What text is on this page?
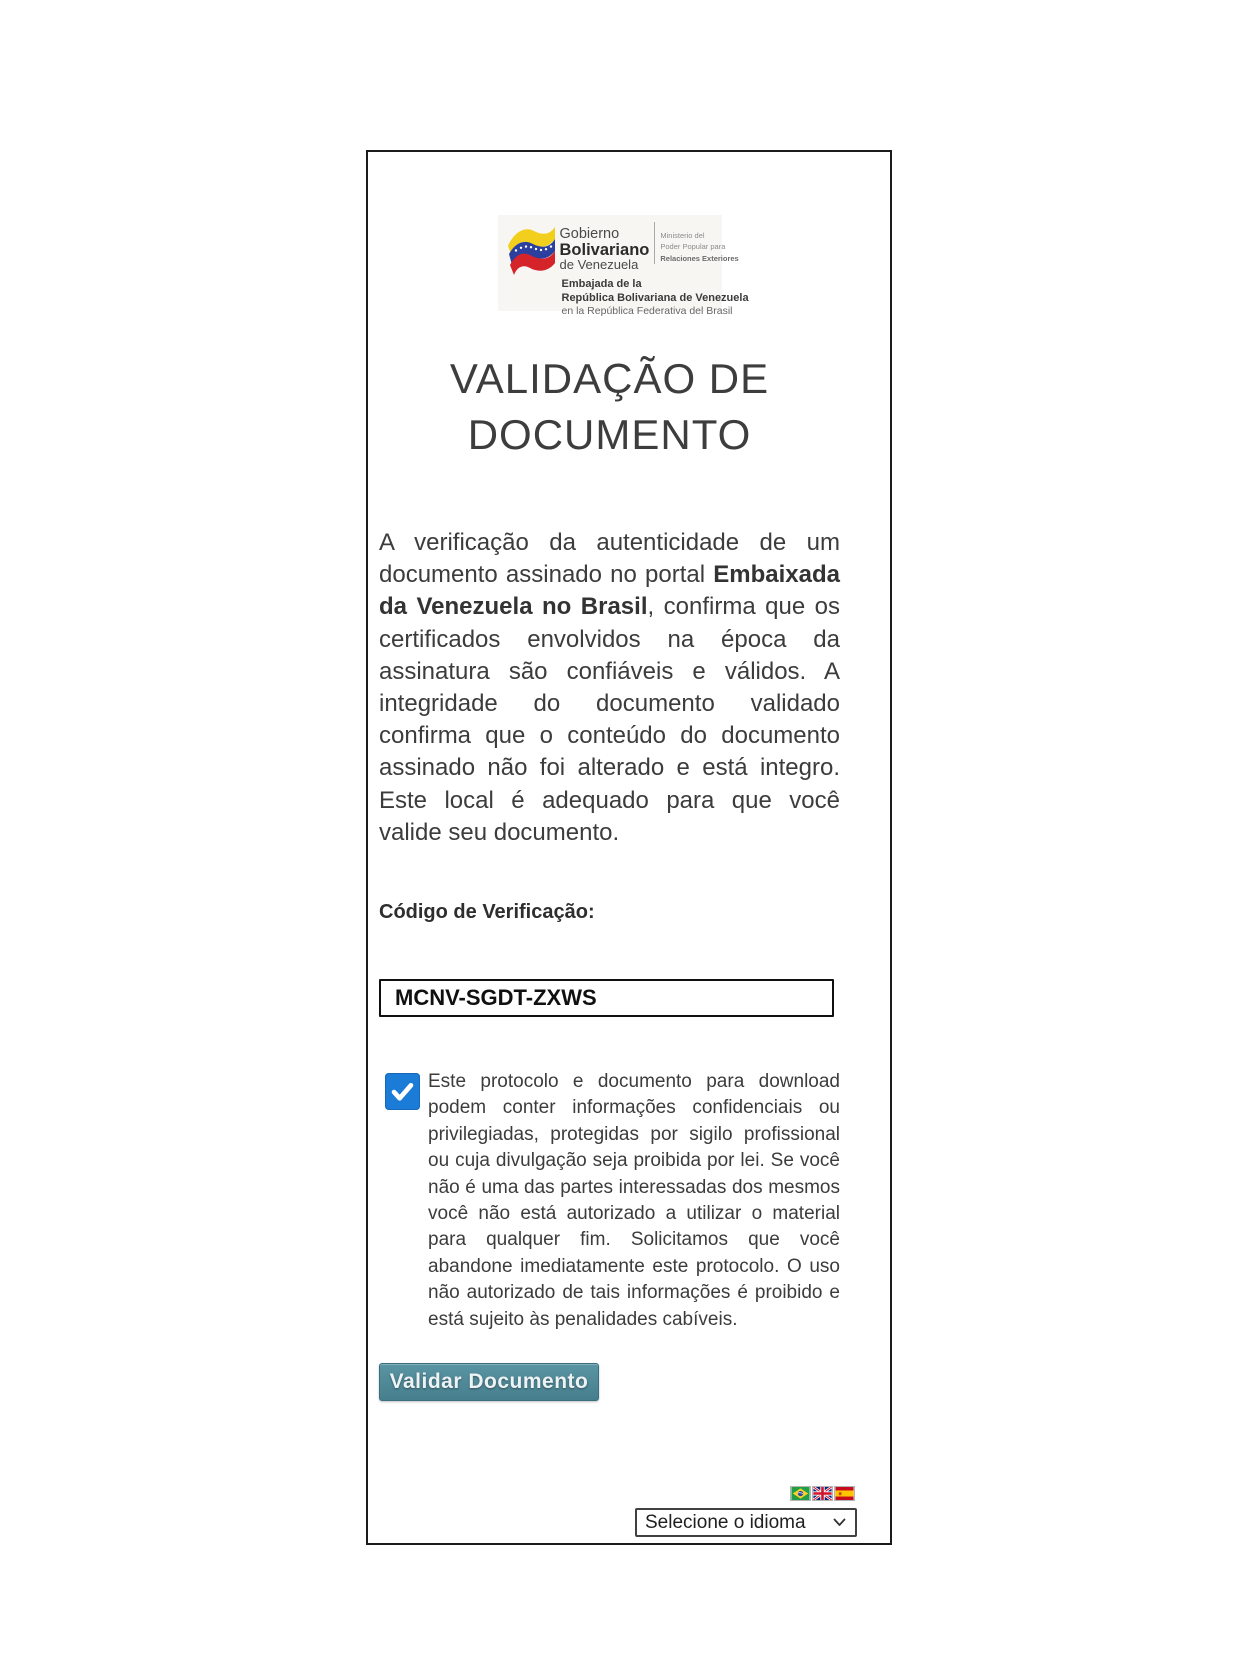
Gobierno
Bolivariano
de Venezuela
Ministerio del
Poder Popular para
Relaciones Exteriores
Embajada de la
República Bolivariana de Venezuela
en la República Federativa del Brasil
VALIDAÇÃO DE DOCUMENTO
A verificação da autenticidade de um documento assinado no portal Embaixada da Venezuela no Brasil, confirma que os certificados envolvidos na época da assinatura são confiáveis e válidos. A integridade do documento validado confirma que o conteúdo do documento assinado não foi alterado e está integro. Este local é adequado para que você valide seu documento.
Código de Verificação:
MCNV-SGDT-ZXWS
Este protocolo e documento para download podem conter informações confidenciais ou privilegiadas, protegidas por sigilo profissional ou cuja divulgação seja proibida por lei. Se você não é uma das partes interessadas dos mesmos você não está autorizado a utilizar o material para qualquer fim. Solicitamos que você abandone imediatamente este protocolo. O uso não autorizado de tais informações é proibido e está sujeito às penalidades cabíveis.
Validar Documento
Selecione o idioma
